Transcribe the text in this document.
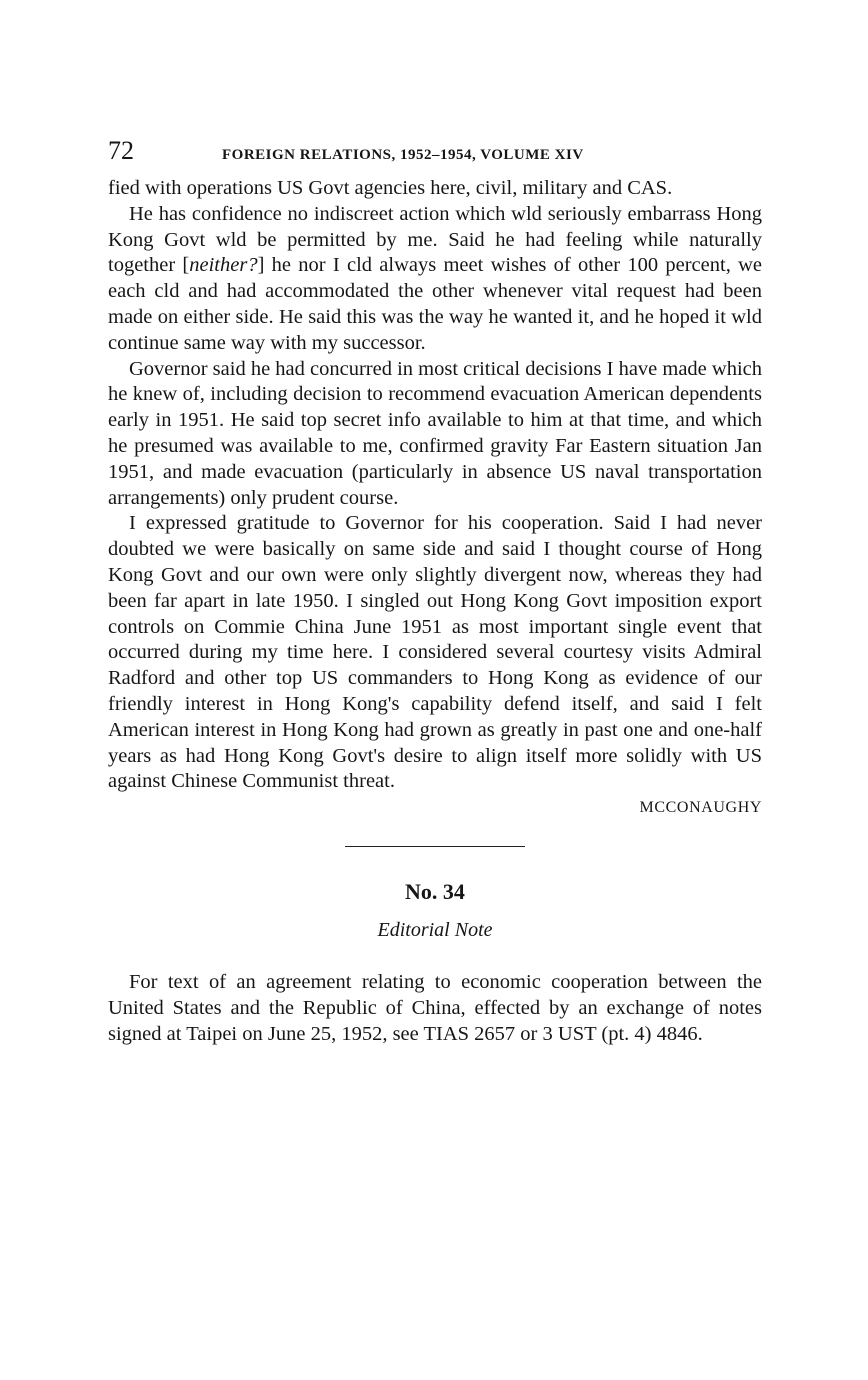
72	FOREIGN RELATIONS, 1952–1954, VOLUME XIV

fied with operations US Govt agencies here, civil, military and CAS.

He has confidence no indiscreet action which wld seriously embarrass Hong Kong Govt wld be permitted by me. Said he had feeling while naturally together [neither?] he nor I cld always meet wishes of other 100 percent, we each cld and had accommodated the other whenever vital request had been made on either side. He said this was the way he wanted it, and he hoped it wld continue same way with my successor.

Governor said he had concurred in most critical decisions I have made which he knew of, including decision to recommend evacuation American dependents early in 1951. He said top secret info available to him at that time, and which he presumed was available to me, confirmed gravity Far Eastern situation Jan 1951, and made evacuation (particularly in absence US naval transportation arrangements) only prudent course.

I expressed gratitude to Governor for his cooperation. Said I had never doubted we were basically on same side and said I thought course of Hong Kong Govt and our own were only slightly divergent now, whereas they had been far apart in late 1950. I singled out Hong Kong Govt imposition export controls on Commie China June 1951 as most important single event that occurred during my time here. I considered several courtesy visits Admiral Radford and other top US commanders to Hong Kong as evidence of our friendly interest in Hong Kong's capability defend itself, and said I felt American interest in Hong Kong had grown as greatly in past one and one-half years as had Hong Kong Govt's desire to align itself more solidly with US against Chinese Communist threat.

MCCONAUGHY
No. 34
Editorial Note

For text of an agreement relating to economic cooperation between the United States and the Republic of China, effected by an exchange of notes signed at Taipei on June 25, 1952, see TIAS 2657 or 3 UST (pt. 4) 4846.
